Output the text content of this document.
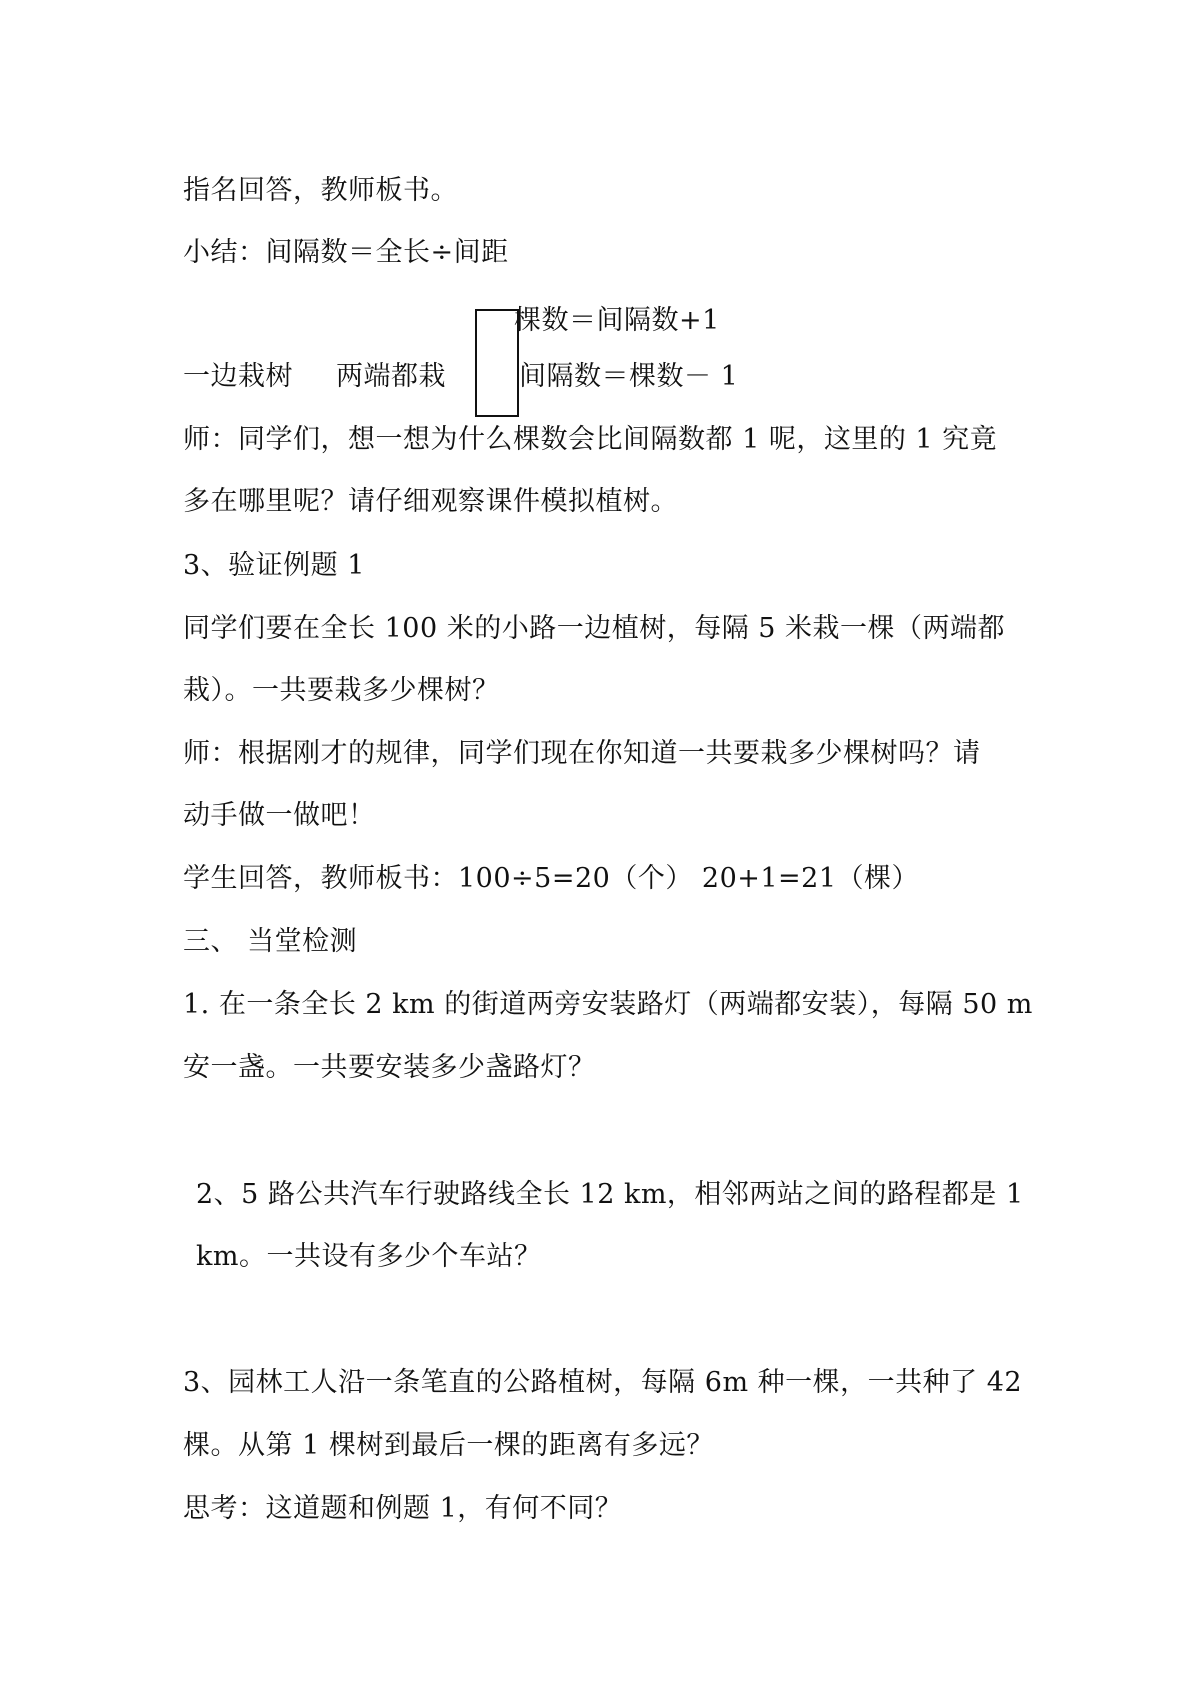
指名回答，教师板书。
小结：间隔数＝全长÷间距
棵数＝间隔数+1
一边栽树 两端都栽	间隔数＝棵数－ 1
师：同学们，想一想为什么棵数会比间隔数都 1 呢，这里的 1 究竟
多在哪里呢？请仔细观察课件模拟植树。
3、验证例题 1
同学们要在全长 100 米的小路一边植树，每隔 5 米栽一棵（两端都
栽）。一共要栽多少棵树？
师：根据刚才的规律，同学们现在你知道一共要栽多少棵树吗？请
动手做一做吧！
学生回答，教师板书：100÷5=20（个） 20+1=21（棵）
三、 当堂检测
1. 在一条全长 2 km 的街道两旁安装路灯（两端都安装），每隔 50 m
安一盏。一共要安装多少盏路灯？
2、5 路公共汽车行驶路线全长 12 km，相邻两站之间的路程都是 1
km。一共设有多少个车站？
3、园林工人沿一条笔直的公路植树，每隔 6m 种一棵，一共种了 42
棵。从第 1 棵树到最后一棵的距离有多远？
思考：这道题和例题 1，有何不同？
